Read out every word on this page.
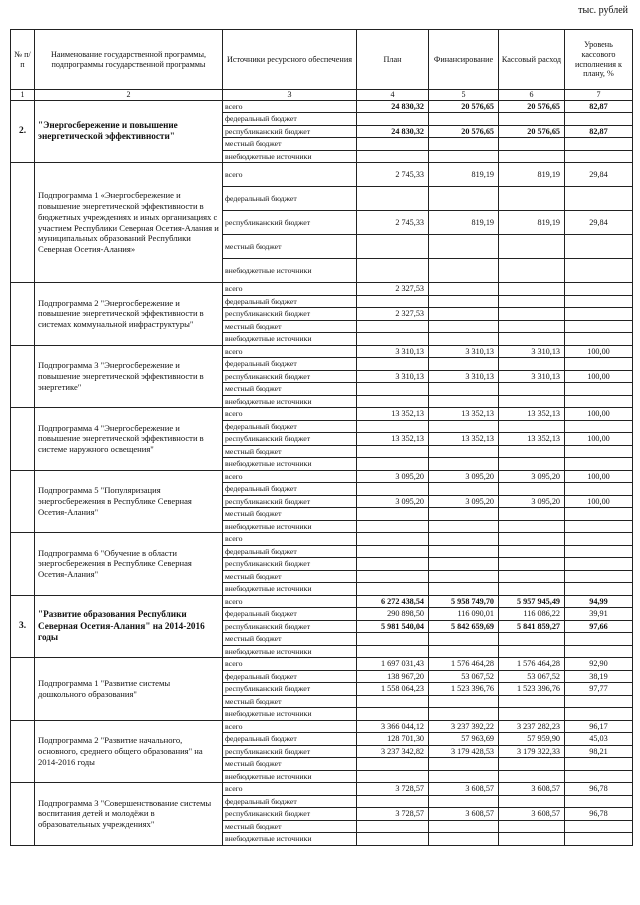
тыс. рублей
№ п/п	Наименование государственной программы, подпрограммы государственной программы	Источники ресурсного обеспечения	План	Финансирование	Кассовый расход	Уровень кассового исполнения к плану, %
1	2	3	4	5	6	7
2.	"Энергосбережение и повышение энергетической эффективности"	всего	24 830,32	20 576,65	20 576,65	82,87
		федеральный бюджет				
		республиканский бюджет	24 830,32	20 576,65	20 576,65	82,87
		местный бюджет				
		внебюджетные источники				
	Подпрограмма 1 «Энергосбережение и повышение энергетической эффективности в бюджетных учреждениях и иных организациях с участием Республики Северная Осетия-Алания и муниципальных образований Республики Северная Осетия-Алания»	всего	2 745,33	819,19	819,19	29,84
		федеральный бюджет				
		республиканский бюджет	2 745,33	819,19	819,19	29,84
		местный бюджет				
		внебюджетные источники				
	Подпрограмма 2 "Энергосбережение и повышение энергетической эффективности в системах коммунальной инфраструктуры"	всего	2 327,53			
		федеральный бюджет				
		республиканский бюджет	2 327,53			
		местный бюджет				
		внебюджетные источники				
	Подпрограмма 3 "Энергосбережение и повышение энергетической эффективности в энергетике"	всего	3 310,13	3 310,13	3 310,13	100,00
		федеральный бюджет				
		республиканский бюджет	3 310,13	3 310,13	3 310,13	100,00
		местный бюджет				
		внебюджетные источники				
	Подпрограмма 4 "Энергосбережение и повышение энергетической эффективности в системе наружного освещения"	всего	13 352,13	13 352,13	13 352,13	100,00
		федеральный бюджет				
		республиканский бюджет	13 352,13	13 352,13	13 352,13	100,00
		местный бюджет				
		внебюджетные источники				
	Подпрограмма 5 "Популяризация энергосбережения в Республике Северная Осетия-Алания"	всего	3 095,20	3 095,20	3 095,20	100,00
		федеральный бюджет				
		республиканский бюджет	3 095,20	3 095,20	3 095,20	100,00
		местный бюджет				
		внебюджетные источники				
	Подпрограмма 6 "Обучение в области энергосбережения в Республике Северная Осетия-Алания"	всего				
		федеральный бюджет				
		республиканский бюджет				
		местный бюджет				
		внебюджетные источники				
3.	"Развитие образования Республики Северная Осетия-Алания" на 2014-2016 годы	всего	6 272 438,54	5 958 749,70	5 957 945,49	94,99
		федеральный бюджет	290 898,50	116 090,01	116 086,22	39,91
		республиканский бюджет	5 981 540,04	5 842 659,69	5 841 859,27	97,66
		местный бюджет				
		внебюджетные источники				
	Подпрограмма 1 "Развитие системы дошкольного образования"	всего	1 697 031,43	1 576 464,28	1 576 464,28	92,90
		федеральный бюджет	138 967,20	53 067,52	53 067,52	38,19
		республиканский бюджет	1 558 064,23	1 523 396,76	1 523 396,76	97,77
		местный бюджет				
		внебюджетные источники				
	Подпрограмма 2 "Развитие начального, основного, среднего общего образования" на 2014-2016 годы	всего	3 366 044,12	3 237 392,22	3 237 282,23	96,17
		федеральный бюджет	128 701,30	57 963,69	57 959,90	45,03
		республиканский бюджет	3 237 342,82	3 179 428,53	3 179 322,33	98,21
		местный бюджет				
		внебюджетные источники				
	Подпрограмма 3 "Совершенствование системы воспитания детей и молодёжи в образовательных учреждениях"	всего	3 728,57	3 608,57	3 608,57	96,78
		федеральный бюджет				
		республиканский бюджет	3 728,57	3 608,57	3 608,57	96,78
		местный бюджет				
		внебюджетные источники				
